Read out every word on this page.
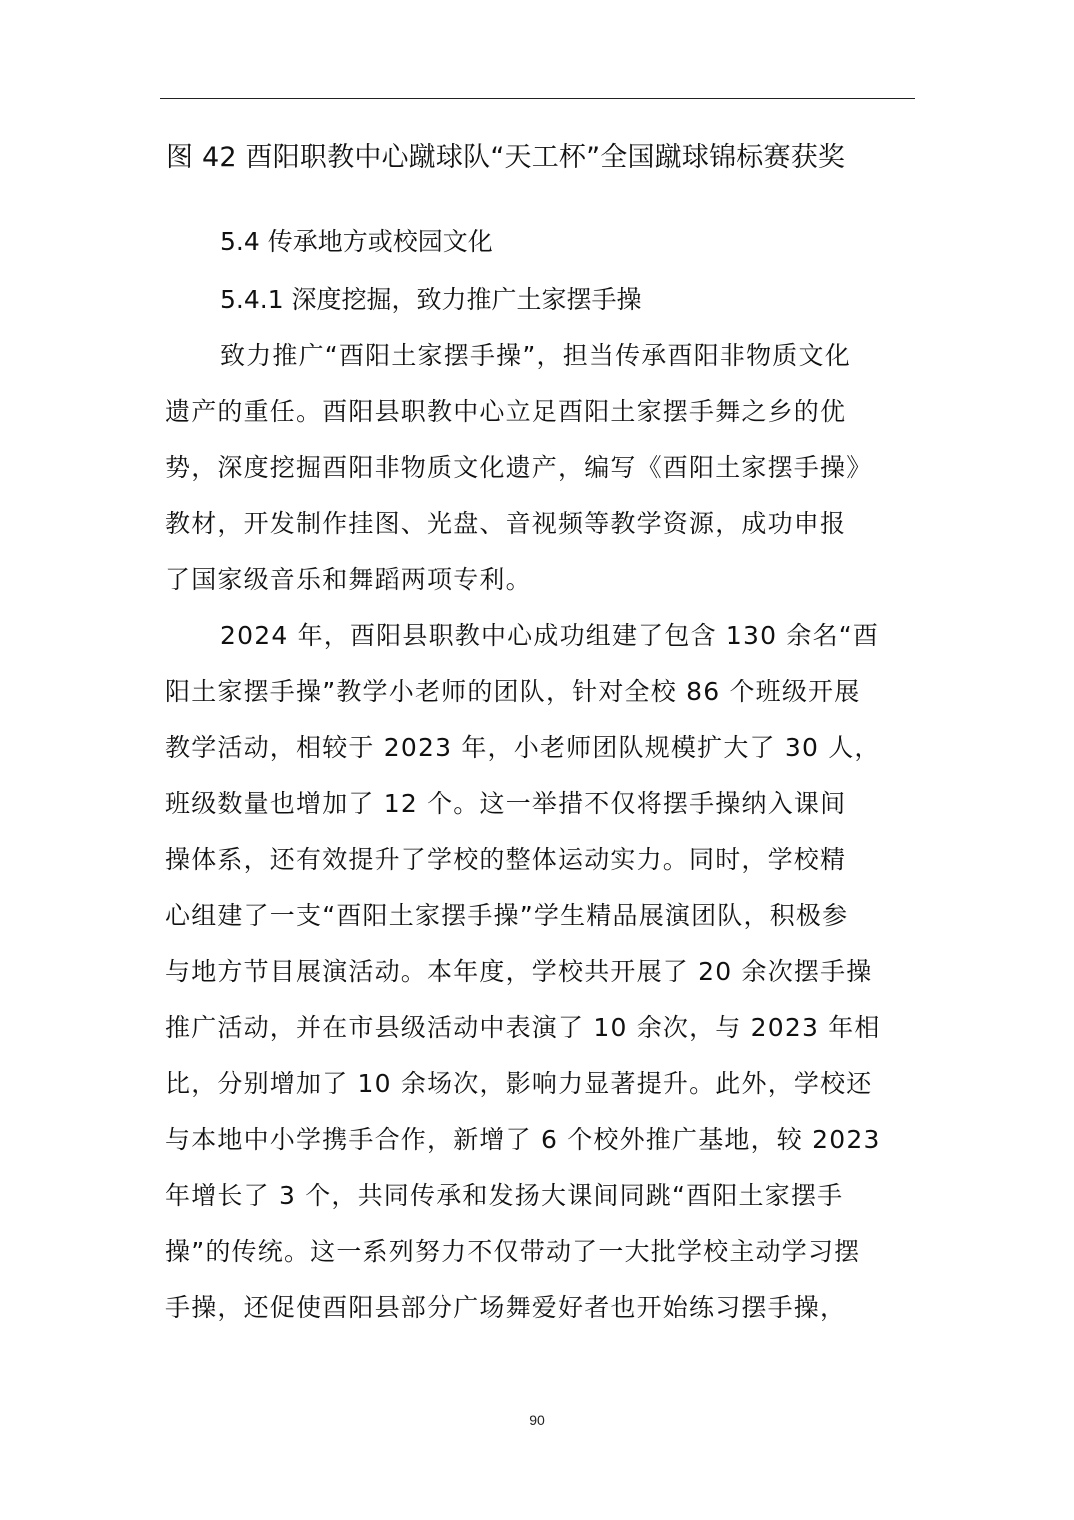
图 42 酉阳职教中心蹴球队“天工杯”全国蹴球锦标赛获奖
5.4 传承地方或校园文化
5.4.1 深度挖掘，致力推广土家摆手操
致力推广“酉阳土家摆手操”，担当传承酉阳非物质文化
遗产的重任。酉阳县职教中心立足酉阳土家摆手舞之乡的优
势，深度挖掘酉阳非物质文化遗产，编写《酉阳土家摆手操》
教材，开发制作挂图、光盘、音视频等教学资源，成功申报
了国家级音乐和舞蹈两项专利。
2024 年，酉阳县职教中心成功组建了包含 130 余名“酉
阳土家摆手操”教学小老师的团队，针对全校 86 个班级开展
教学活动，相较于 2023 年，小老师团队规模扩大了 30 人，
班级数量也增加了 12 个。这一举措不仅将摆手操纳入课间
操体系，还有效提升了学校的整体运动实力。同时，学校精
心组建了一支“酉阳土家摆手操”学生精品展演团队，积极参
与地方节目展演活动。本年度，学校共开展了 20 余次摆手操
推广活动，并在市县级活动中表演了 10 余次，与 2023 年相
比，分别增加了 10 余场次，影响力显著提升。此外，学校还
与本地中小学携手合作，新增了 6 个校外推广基地，较 2023
年增长了 3 个，共同传承和发扬大课间同跳“酉阳土家摆手
操”的传统。这一系列努力不仅带动了一大批学校主动学习摆
手操，还促使酉阳县部分广场舞爱好者也开始练习摆手操，
90
